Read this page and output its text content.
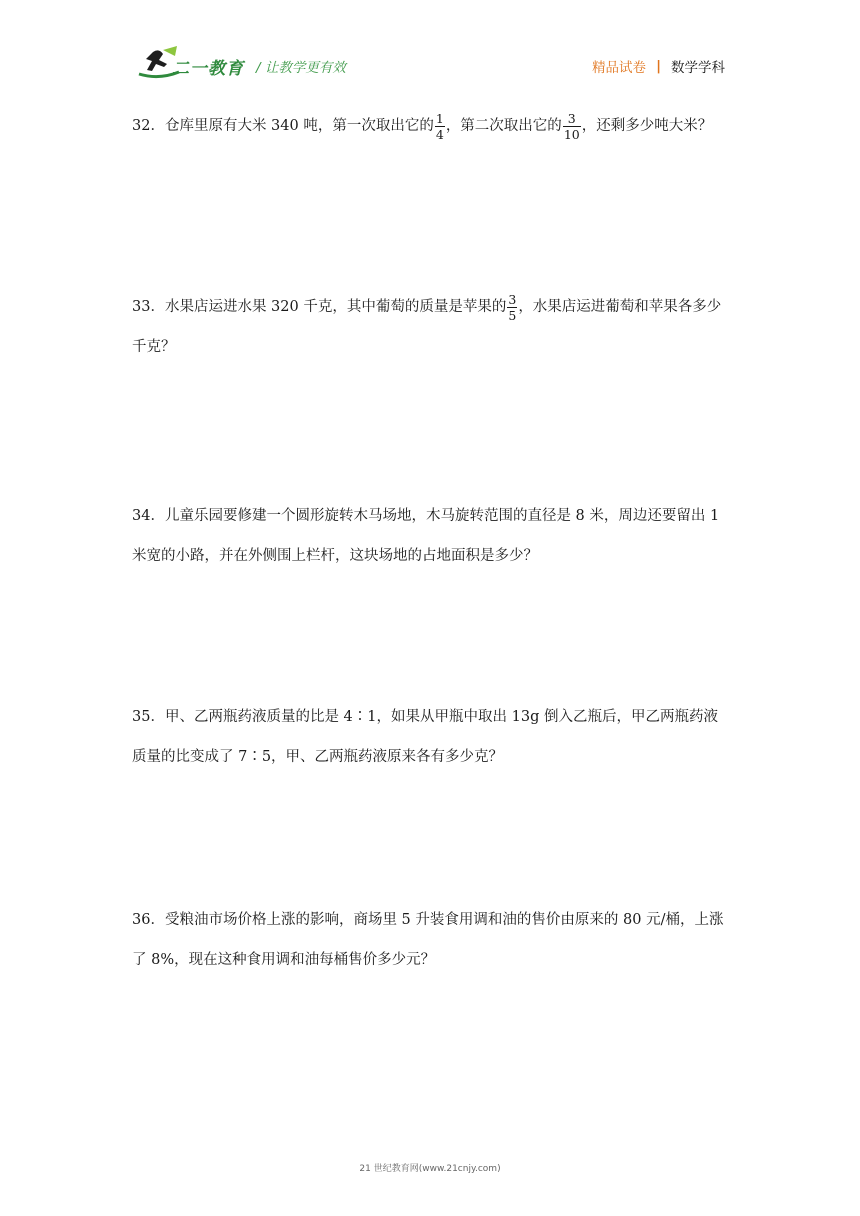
二一教育 / 让教学更有效	精品试卷 | 数学学科
32．仓库里原有大米 340 吨，第一次取出它的 $\frac{1}{4}$ ，第二次取出它的 $\frac{3}{10}$ ，还剩多少吨大米？
33．水果店运进水果 320 千克，其中葡萄的质量是苹果的 $\frac{3}{5}$ ，水果店运进葡萄和苹果各多少
千克？
34．儿童乐园要修建一个圆形旋转木马场地，木马旋转范围的直径是 8 米，周边还要留出 1
米宽的小路，并在外侧围上栏杆，这块场地的占地面积是多少？
35．甲、乙两瓶药液质量的比是 4∶1，如果从甲瓶中取出 13g 倒入乙瓶后，甲乙两瓶药液
质量的比变成了 7∶5，甲、乙两瓶药液原来各有多少克？
36．受粮油市场价格上涨的影响，商场里 5 升装食用调和油的售价由原来的 80 元/桶，上涨
了 8%，现在这种食用调和油每桶售价多少元？
21 世纪教育网(www.21cnjy.com)
